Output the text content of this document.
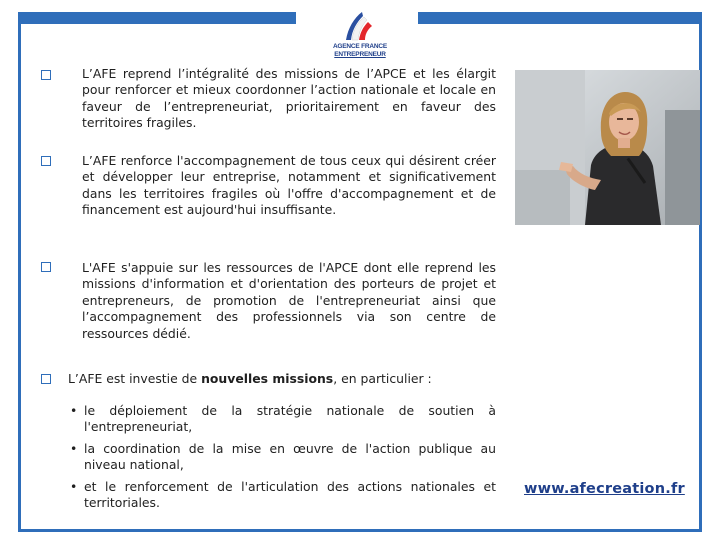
AGENCE FRANCE
ENTREPRENEUR

L’AFE reprend l’intégralité des missions de l’APCE et les élargit pour renforcer et mieux coordonner l’action nationale et locale en faveur de l’entrepreneuriat, prioritairement en faveur des territoires fragiles.

L’AFE renforce l'accompagnement de tous ceux qui désirent créer et développer leur entreprise, notamment et significativement dans les territoires fragiles où l'offre d'accompagnement et de financement est aujourd'hui insuffisante.

L'AFE s'appuie sur les ressources de l'APCE dont elle reprend les missions d'information et d'orientation des porteurs de projet et entrepreneurs, de promotion de l'entrepreneuriat ainsi que l’accompagnement des professionnels via son centre de ressources dédié.

L’AFE est investie de nouvelles missions, en particulier :

• le déploiement de la stratégie nationale de soutien à l'entrepreneuriat,
• la coordination de la mise en œuvre de l'action publique au niveau national,
• et le renforcement de l'articulation des actions nationales et territoriales.
www.afecreation.fr
